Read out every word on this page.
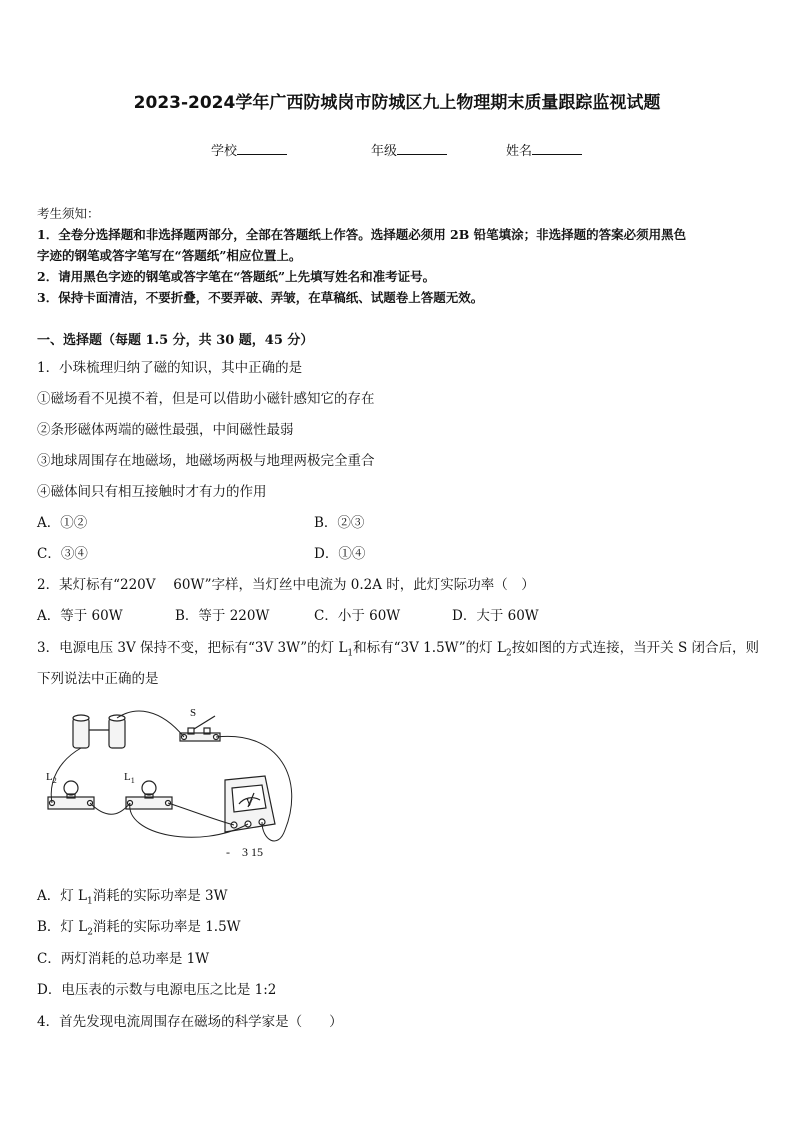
2023-2024学年广西防城岗市防城区九上物理期末质量跟踪监视试题
学校	年级	姓名
考生须知：
1．全卷分选择题和非选择题两部分，全部在答题纸上作答。选择题必须用 2B 铅笔填涂；非选择题的答案必须用黑色
字迹的钢笔或答字笔写在“答题纸”相应位置上。
2．请用黑色字迹的钢笔或答字笔在“答题纸”上先填写姓名和准考证号。
3．保持卡面清洁，不要折叠，不要弄破、弄皱，在草稿纸、试题卷上答题无效。
一、选择题（每题 1.5 分，共 30 题，45 分）
1．小珠梳理归纳了磁的知识，其中正确的是
①磁场看不见摸不着，但是可以借助小磁针感知它的存在
②条形磁体两端的磁性最强，中间磁性最弱
③地球周围存在地磁场，地磁场两极与地理两极完全重合
④磁体间只有相互接触时才有力的作用
A．①②	B．②③
C．③④	D．①④
2．某灯标有“220V　 60W”字样，当灯丝中电流为 0.2A 时，此灯实际功率（　）
A．等于 60W	B．等于 220W	C．小于 60W	D．大于 60W
3．电源电压 3V 保持不变，把标有“3V 3W”的灯 $L_1$和标有“3V 1.5W”的灯 $L_2$按如图的方式连接，当开关 S 闭合后，则
下列说法中正确的是
S
$L_2$	$L_1$
V
-　3 15
A．灯 $L_1$消耗的实际功率是 3W
B．灯 $L_2$消耗的实际功率是 1.5W
C．两灯消耗的总功率是 1W
D．电压表的示数与电源电压之比是 1:2
4．首先发现电流周围存在磁场的科学家是（　　）
